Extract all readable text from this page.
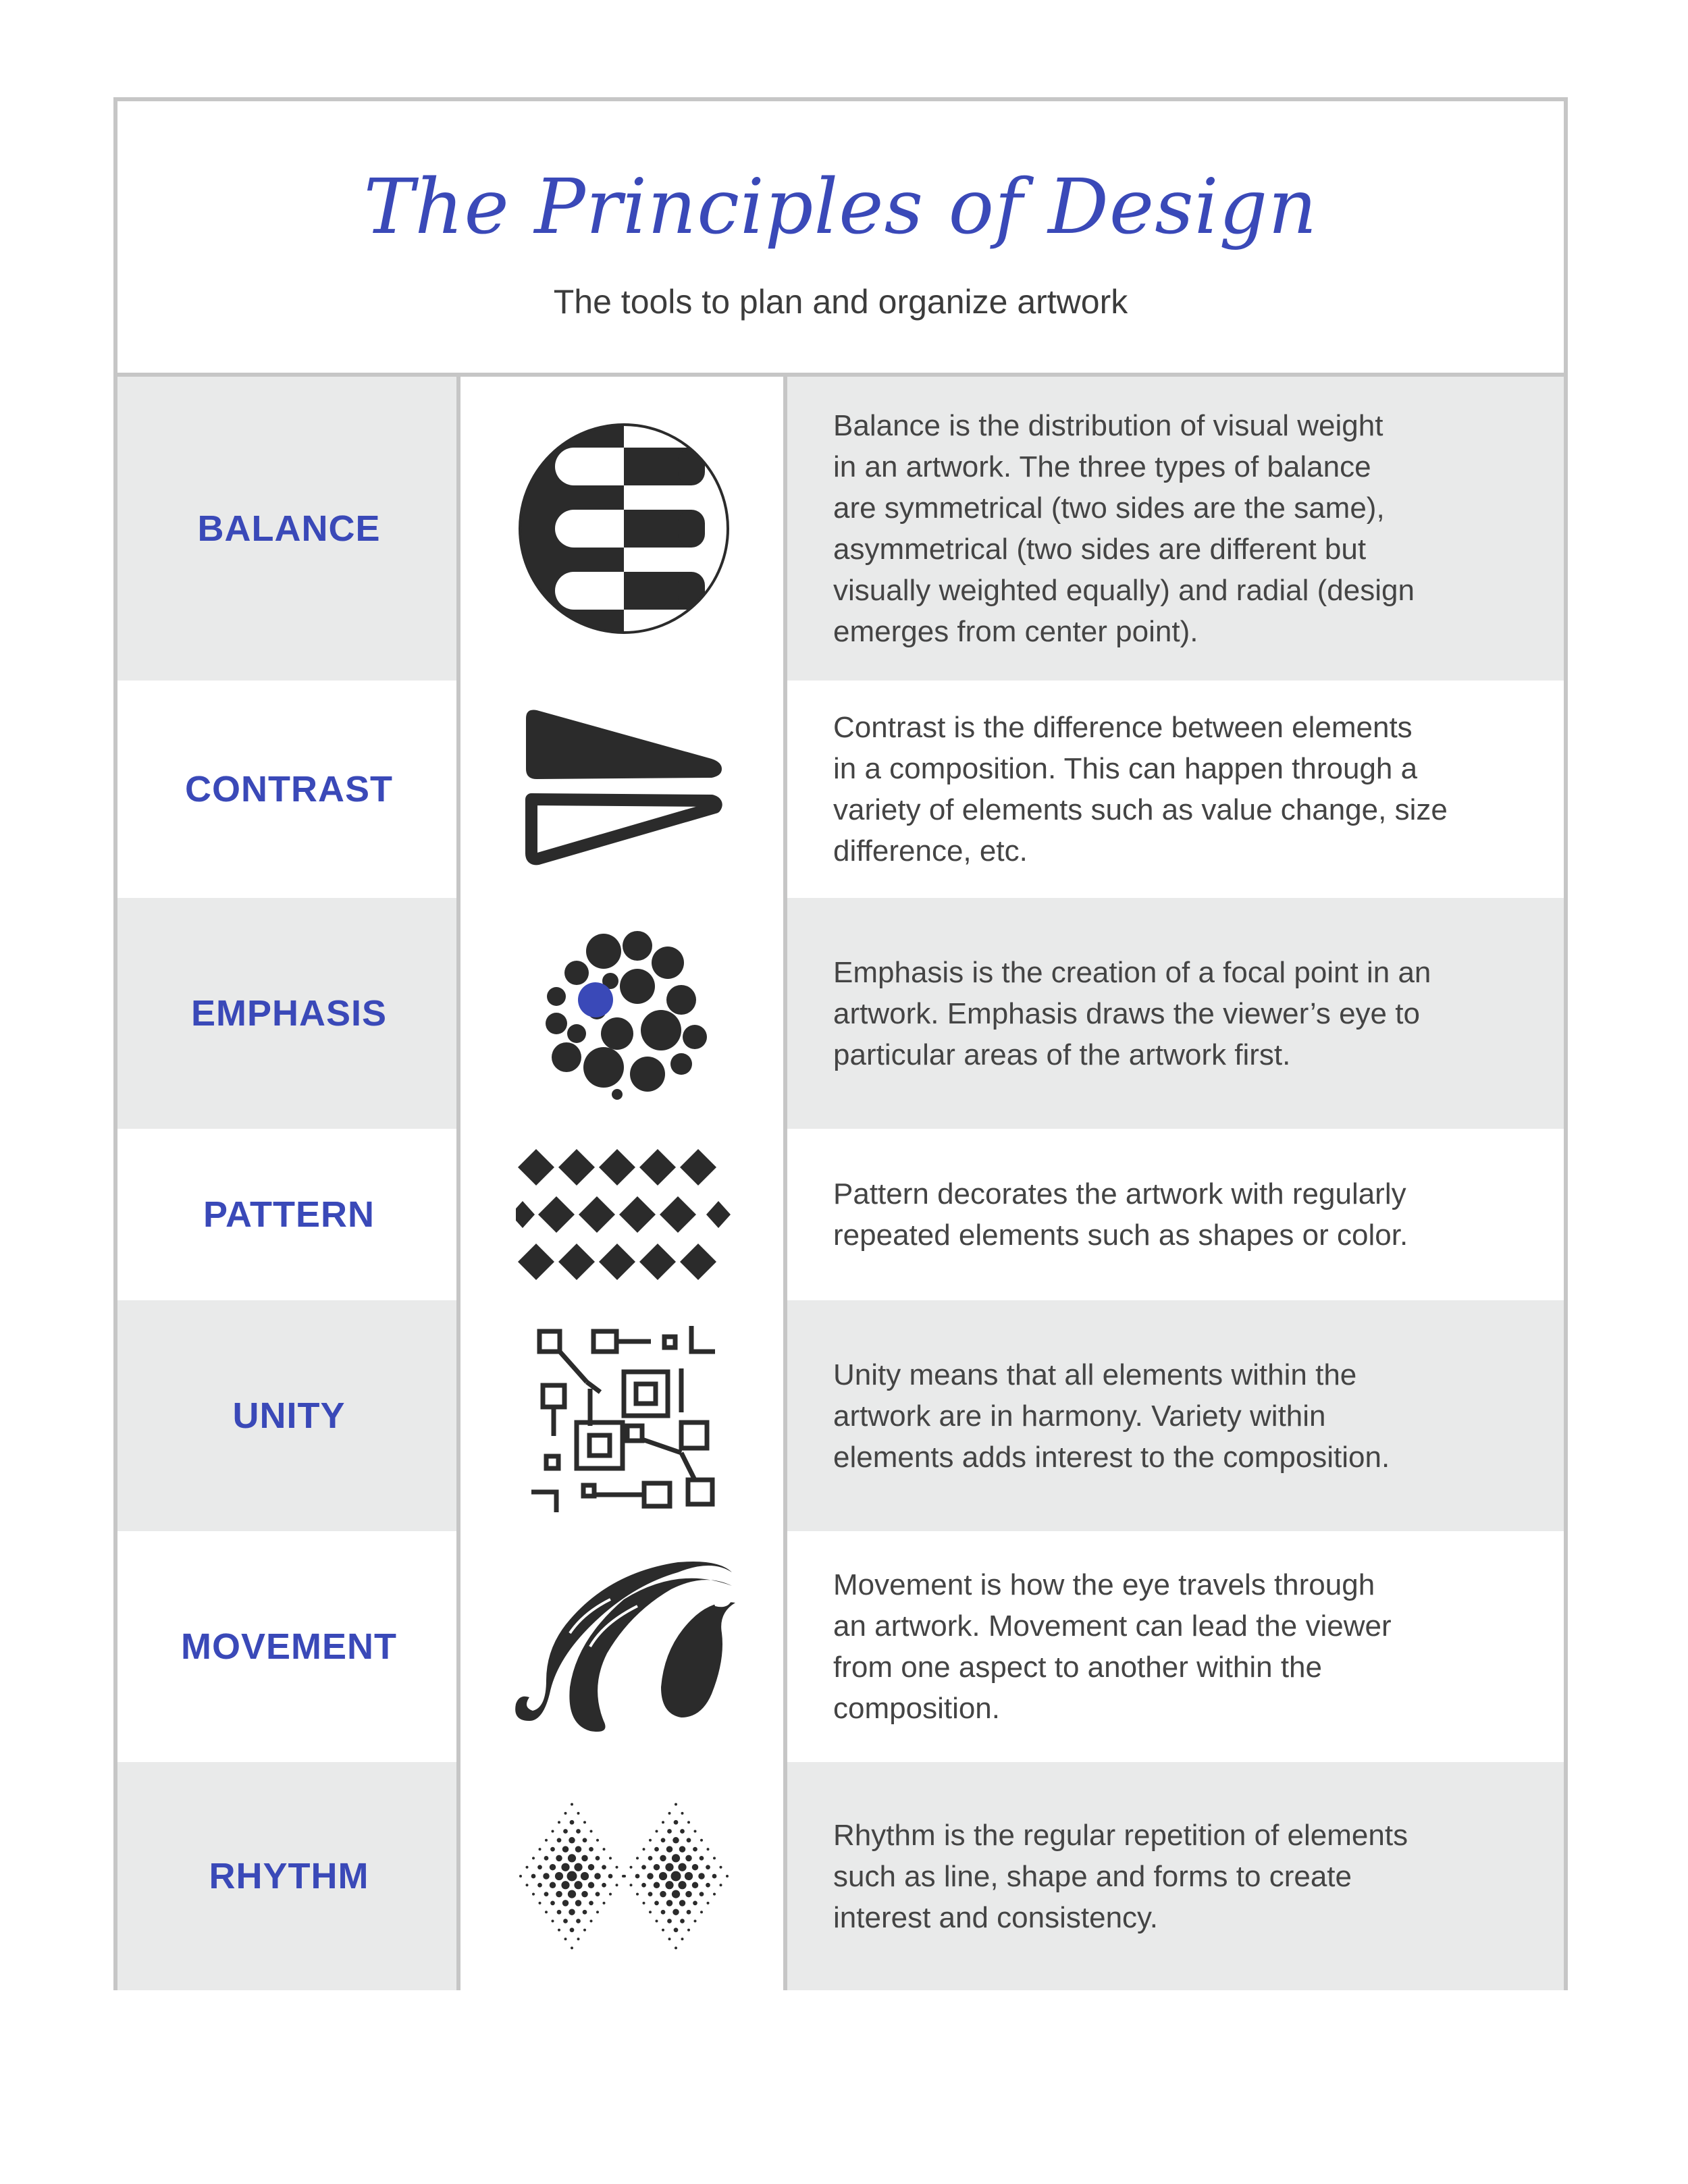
The Principles of Design
The tools to plan and organize artwork
BALANCE
Balance is the distribution of visual weight
in an artwork. The three types of balance
are symmetrical (two sides are the same),
asymmetrical (two sides are different but
visually weighted equally) and radial (design
emerges from center point).
CONTRAST
Contrast is the difference between elements
in a composition. This can happen through a
variety of elements such as value change, size
difference, etc.
EMPHASIS
Emphasis is the creation of a focal point in an
artwork. Emphasis draws the viewer’s eye to
particular areas of the artwork first.
PATTERN
Pattern decorates the artwork with regularly
repeated elements such as shapes or color.
UNITY
Unity means that all elements within the
artwork are in harmony. Variety within
elements adds interest to the composition.
MOVEMENT
Movement is how the eye travels through
an artwork. Movement can lead the viewer
from one aspect to another within the
composition.
RHYTHM
Rhythm is the regular repetition of elements
such as line, shape and forms to create
interest and consistency.
